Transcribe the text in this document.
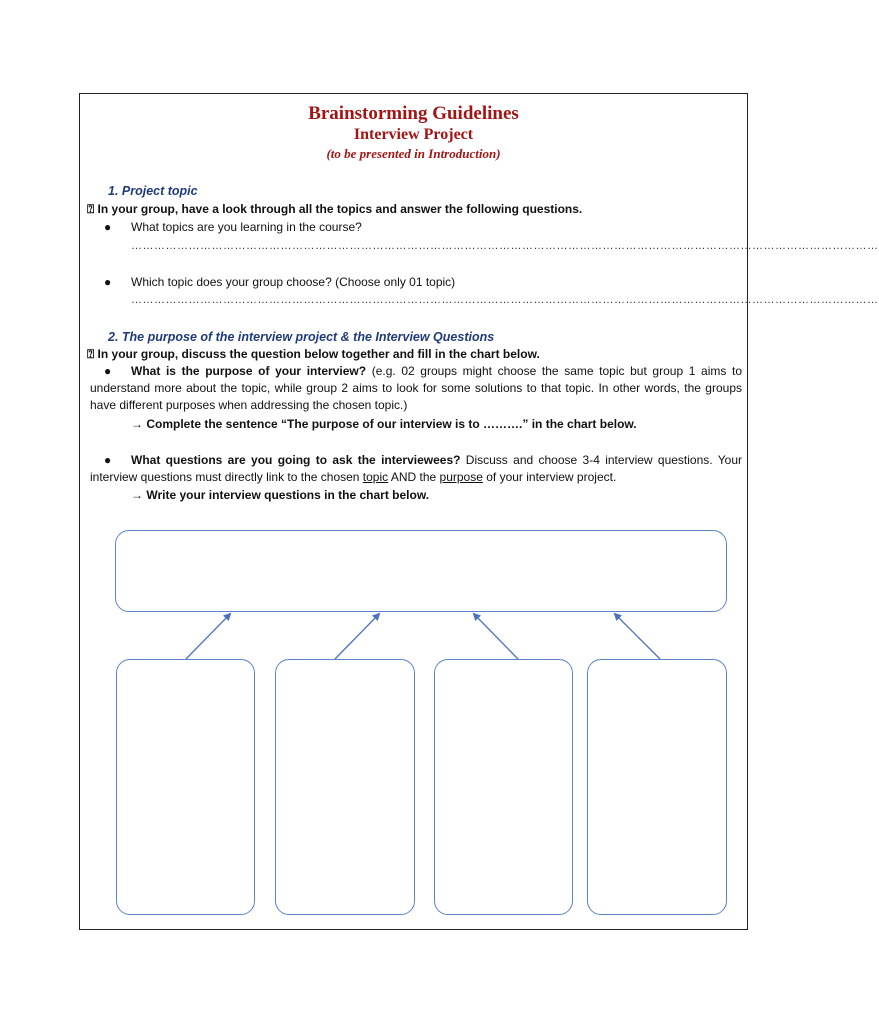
Brainstorming Guidelines
Interview Project
(to be presented in Introduction)
1. Project topic
⍰ In your group, have a look through all the topics and answer the following questions.
● What topics are you learning in the course?
……………………………………………………………………………………………………………………………………………………………………………
● Which topic does your group choose? (Choose only 01 topic)
……………………………………………………………………………………………………………………………………………………………………………
2. The purpose of the interview project & the Interview Questions
⍰ In your group, discuss the question below together and fill in the chart below.
●	What is the purpose of your interview? (e.g. 02 groups might choose the same topic but group 1 aims to understand more about the topic, while group 2 aims to look for some solutions to that topic. In other words, the groups have different purposes when addressing the chosen topic.)
→ Complete the sentence “The purpose of our interview is to ……….” in the chart below.
●	What questions are you going to ask the interviewees? Discuss and choose 3-4 interview questions. Your interview questions must directly link to the chosen topic AND the purpose of your interview project.
→ Write your interview questions in the chart below.
